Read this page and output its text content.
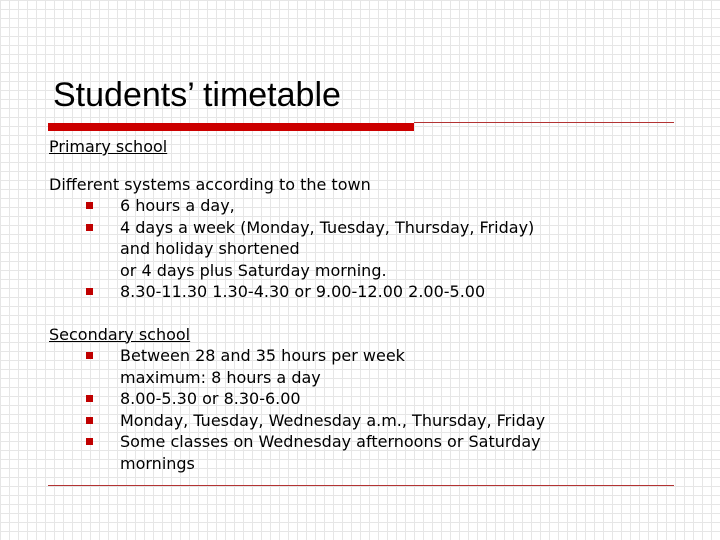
Students’ timetable
Primary school
Different systems according to the town
6 hours a day,
4 days a week (Monday, Tuesday, Thursday, Friday)
and holiday shortened
or 4 days plus Saturday morning.
8.30-11.30 1.30-4.30 or 9.00-12.00 2.00-5.00
Secondary school
Between 28 and 35 hours per week
maximum: 8 hours a day
8.00-5.30 or 8.30-6.00
Monday, Tuesday, Wednesday a.m., Thursday, Friday
Some classes on Wednesday afternoons or Saturday
mornings
